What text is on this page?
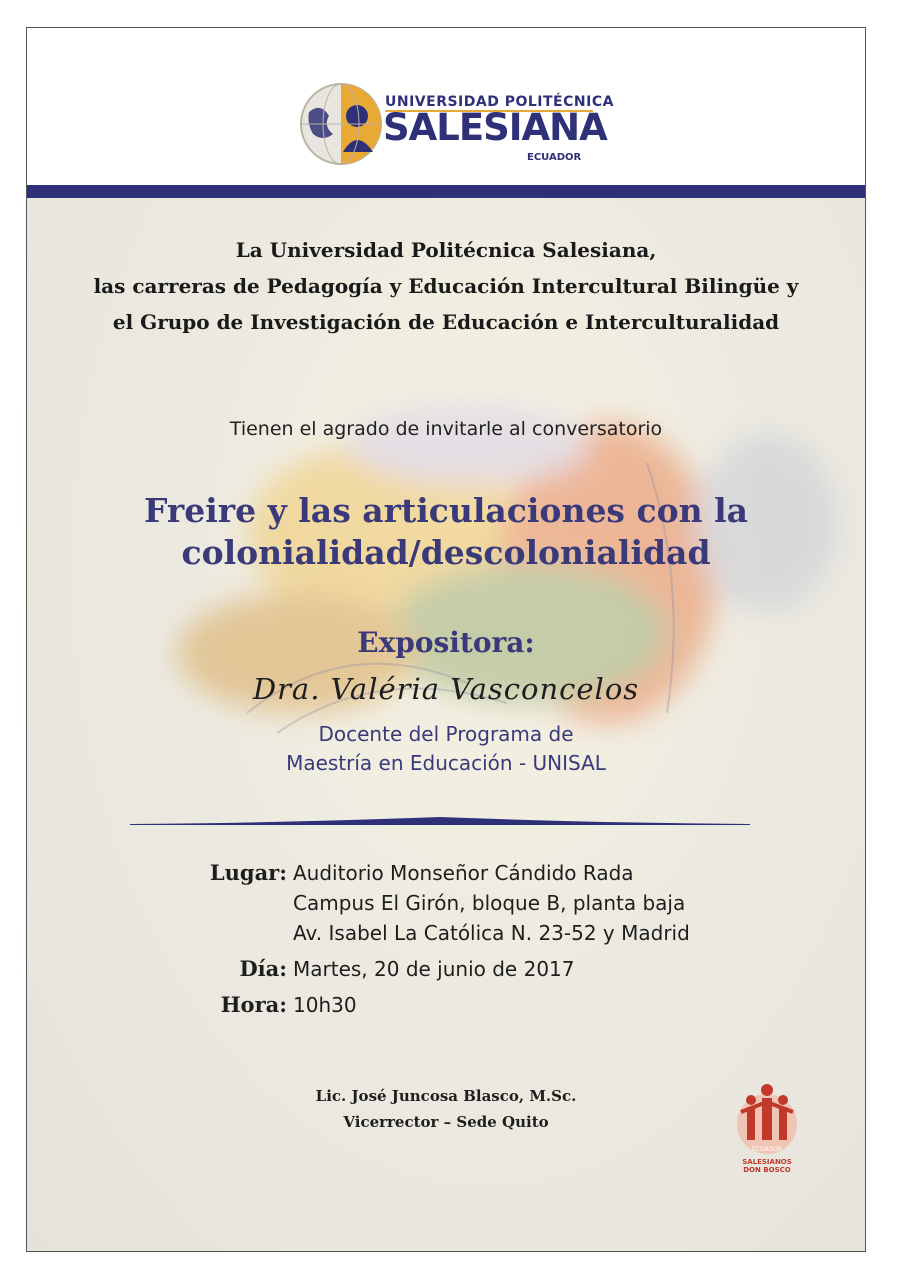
UNIVERSIDAD POLITÉCNICA
SALESIANA
ECUADOR
La Universidad Politécnica Salesiana,
las carreras de Pedagogía y Educación Intercultural Bilingüe y
el Grupo de Investigación de Educación e Interculturalidad
Tienen el agrado de invitarle al conversatorio
Freire y las articulaciones con la
colonialidad/descolonialidad
Expositora:
Dra. Valéria Vasconcelos
Docente del Programa de
Maestría en Educación - UNISAL
Lugar: Auditorio Monseñor Cándido Rada
Campus El Girón, bloque B, planta baja
Av. Isabel La Católica N. 23-52 y Madrid
Día: Martes, 20 de junio de 2017
Hora: 10h30
Lic. José Juncosa Blasco, M.Sc.
Vicerrector – Sede Quito
ECUADOR
SALESIANOS
DON BOSCO
